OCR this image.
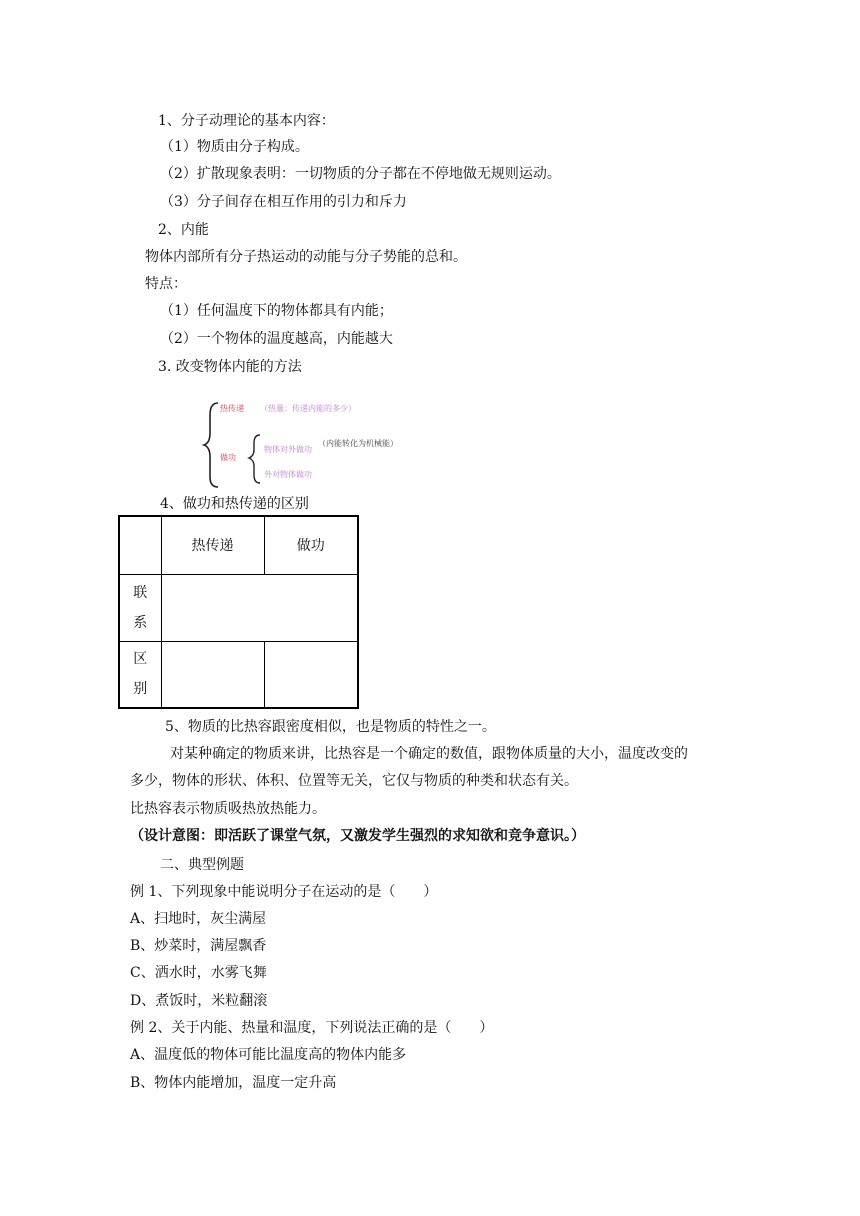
1、分子动理论的基本内容：
（1）物质由分子构成。
（2）扩散现象表明：一切物质的分子都在不停地做无规则运动。
（3）分子间存在相互作用的引力和斥力
2、内能
物体内部所有分子热运动的动能与分子势能的总和。
特点：
（1）任何温度下的物体都具有内能；
（2）一个物体的温度越高，内能越大
3. 改变物体内能的方法
热传递 （热量：传递内能的多少）
做功
物体对外做功
（内能转化为机械能）
外对物体做功
4、做功和热传递的区别
	热传递	做功

联
系		

区
别		

5、物质的比热容跟密度相似，也是物质的特性之一。
对某种确定的物质来讲，比热容是一个确定的数值，跟物体质量的大小，温度改变的
多少，物体的形状、体积、位置等无关，它仅与物质的种类和状态有关。
比热容表示物质吸热放热能力。
（设计意图：即活跃了课堂气氛，又激发学生强烈的求知欲和竞争意识。）
二、典型例题
例 1、下列现象中能说明分子在运动的是（　　）
A、扫地时，灰尘满屋
B、炒菜时，满屋飘香
C、洒水时，水雾飞舞
D、煮饭时，米粒翻滚
例 2、关于内能、热量和温度，下列说法正确的是（　　）
A、温度低的物体可能比温度高的物体内能多
B、物体内能增加，温度一定升高
